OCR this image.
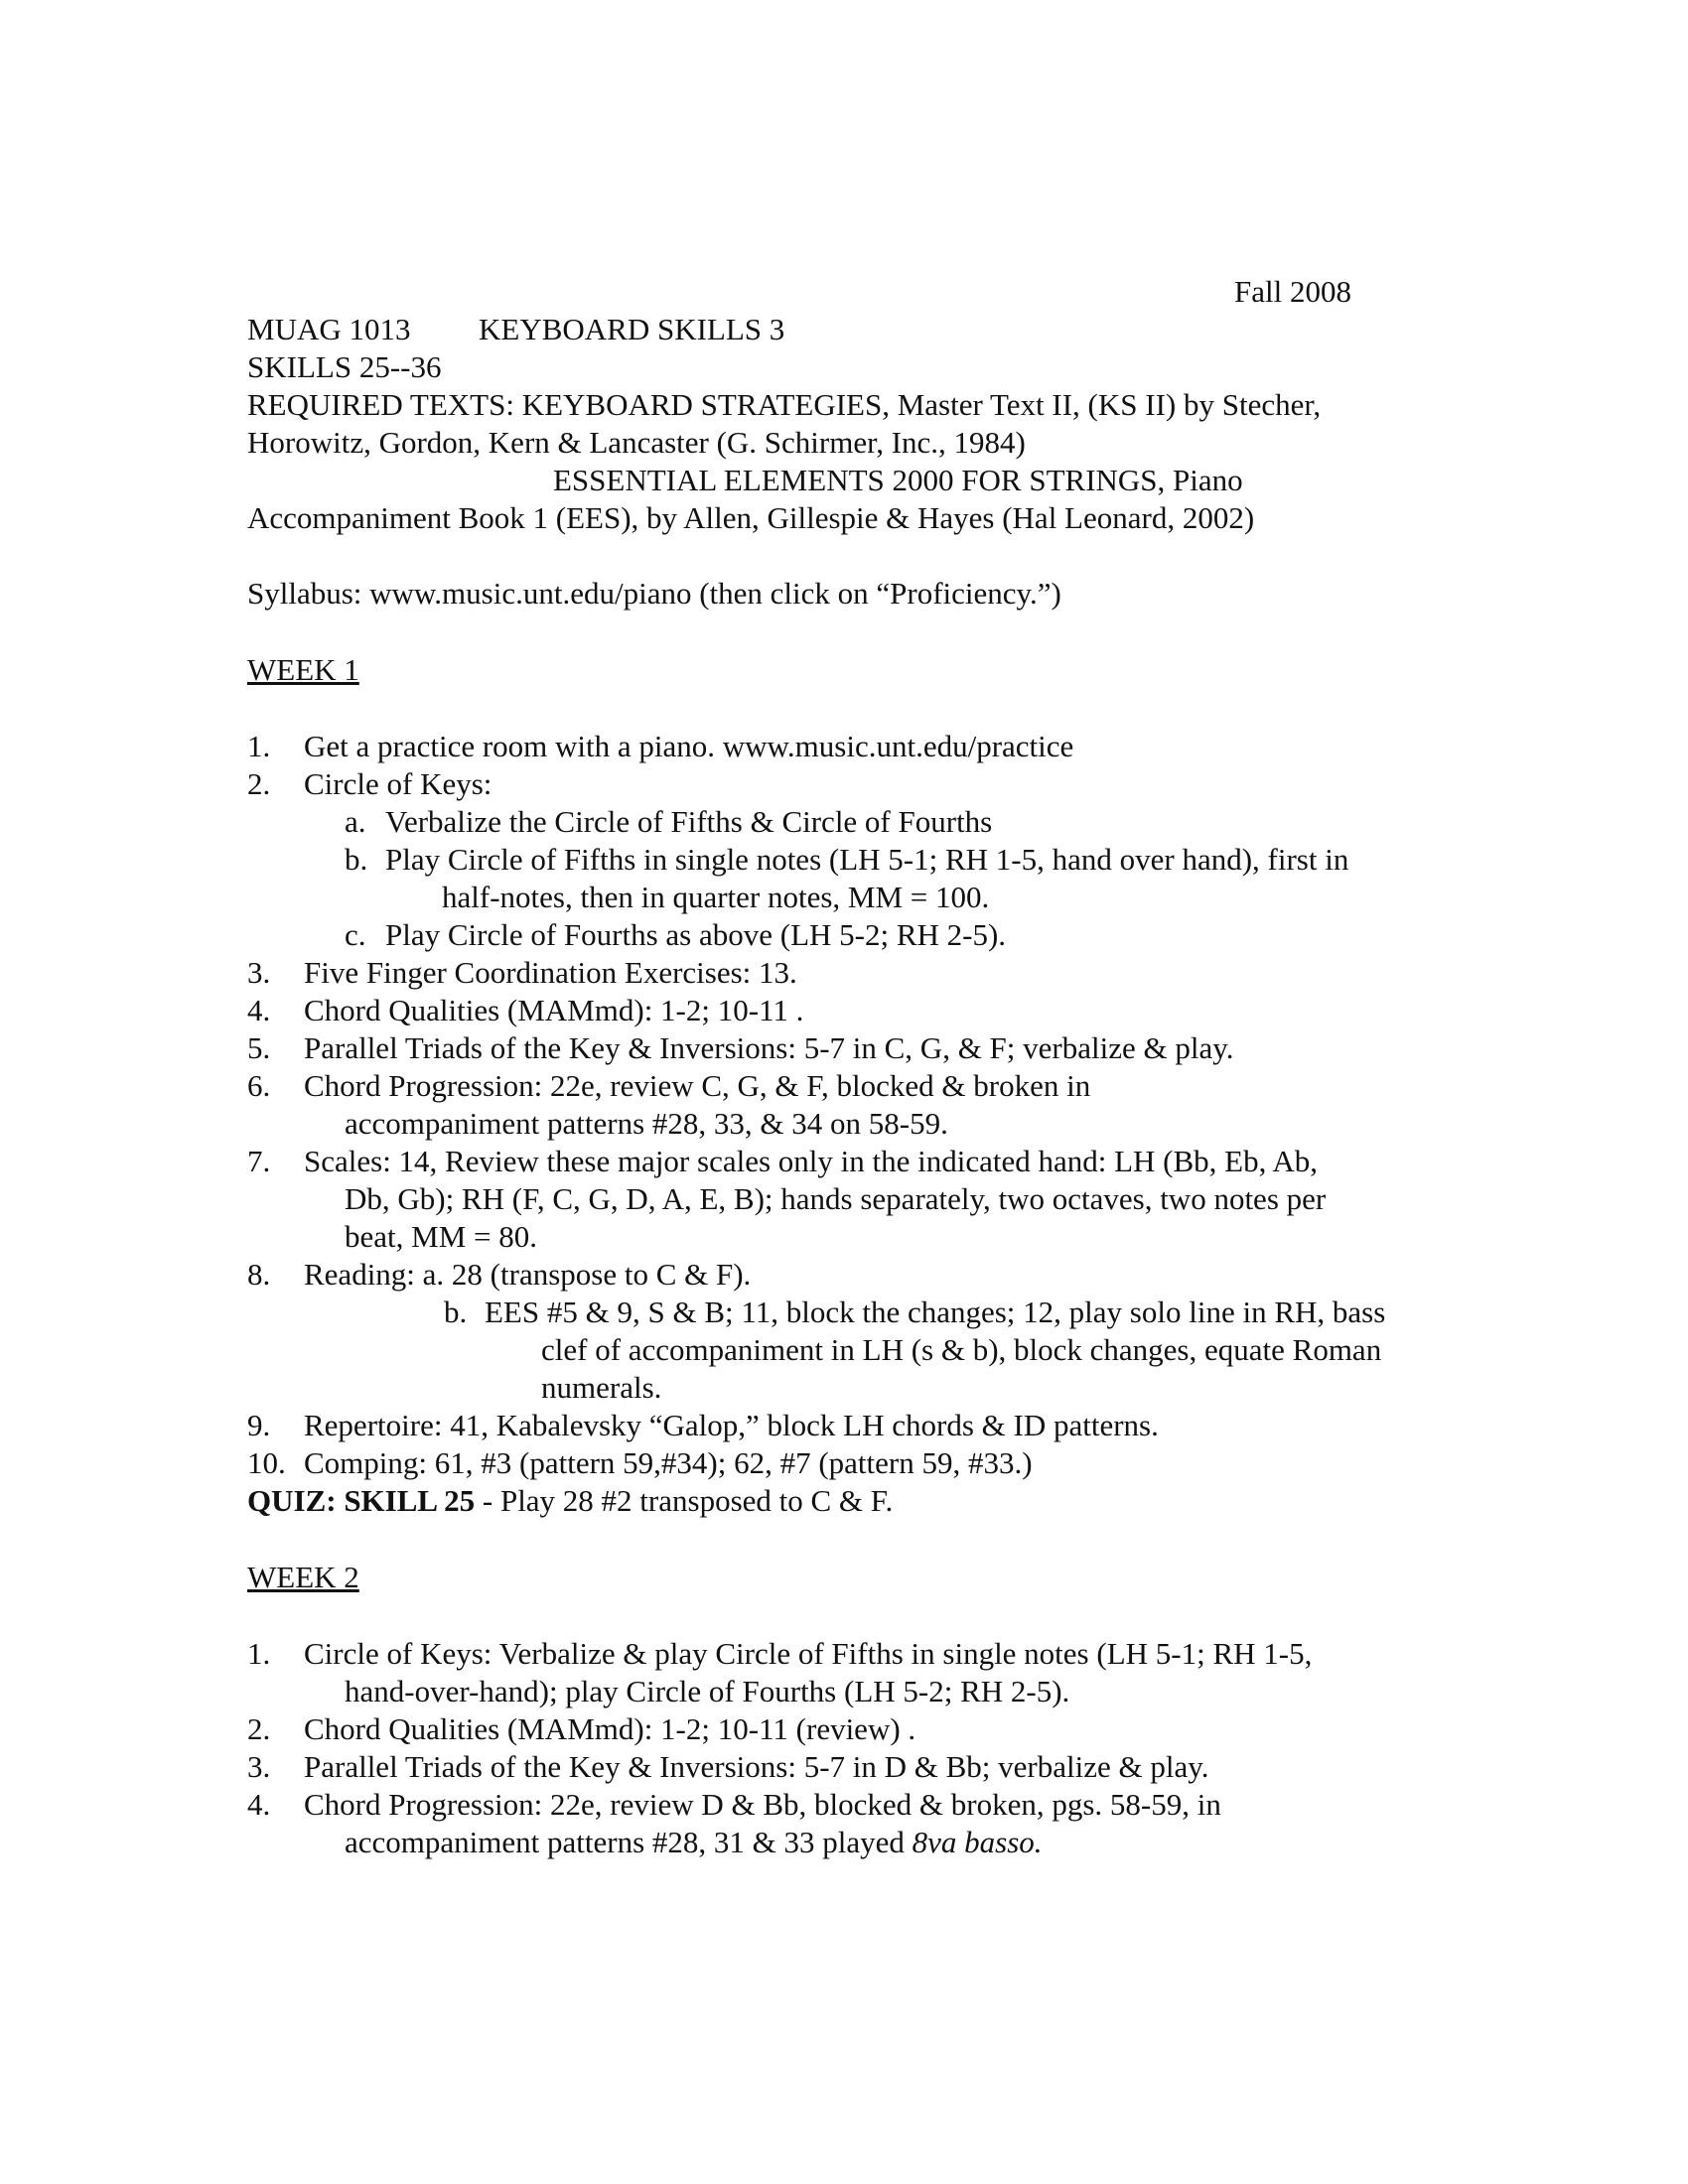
Fall 2008
MUAG 1013 KEYBOARD SKILLS 3
SKILLS 25--36
REQUIRED TEXTS: KEYBOARD STRATEGIES, Master Text II, (KS II) by Stecher,
Horowitz, Gordon, Kern & Lancaster (G. Schirmer, Inc., 1984)
ESSENTIAL ELEMENTS 2000 FOR STRINGS, Piano
Accompaniment Book 1 (EES), by Allen, Gillespie & Hayes (Hal Leonard, 2002)
Syllabus: www.music.unt.edu/piano (then click on “Proficiency.”)
WEEK 1
1. Get a practice room with a piano. www.music.unt.edu/practice
2. Circle of Keys:
a. Verbalize the Circle of Fifths & Circle of Fourths
b. Play Circle of Fifths in single notes (LH 5-1; RH 1-5, hand over hand), first in
half-notes, then in quarter notes, MM = 100.
c. Play Circle of Fourths as above (LH 5-2; RH 2-5).
3. Five Finger Coordination Exercises: 13.
4. Chord Qualities (MAMmd): 1-2; 10-11 .
5. Parallel Triads of the Key & Inversions: 5-7 in C, G, & F; verbalize & play.
6. Chord Progression: 22e, review C, G, & F, blocked & broken in
accompaniment patterns #28, 33, & 34 on 58-59.
7. Scales: 14, Review these major scales only in the indicated hand: LH (Bb, Eb, Ab,
Db, Gb); RH (F, C, G, D, A, E, B); hands separately, two octaves, two notes per
beat, MM = 80.
8. Reading: a. 28 (transpose to C & F).
b. EES #5 & 9, S & B; 11, block the changes; 12, play solo line in RH, bass
clef of accompaniment in LH (s & b), block changes, equate Roman
numerals.
9. Repertoire: 41, Kabalevsky “Galop,” block LH chords & ID patterns.
10. Comping: 61, #3 (pattern 59,#34); 62, #7 (pattern 59, #33.)
QUIZ: SKILL 25 - Play 28 #2 transposed to C & F.
WEEK 2
1. Circle of Keys: Verbalize & play Circle of Fifths in single notes (LH 5-1; RH 1-5,
hand-over-hand); play Circle of Fourths (LH 5-2; RH 2-5).
2. Chord Qualities (MAMmd): 1-2; 10-11 (review) .
3. Parallel Triads of the Key & Inversions: 5-7 in D & Bb; verbalize & play.
4. Chord Progression: 22e, review D & Bb, blocked & broken, pgs. 58-59, in
accompaniment patterns #28, 31 & 33 played 8va basso.
